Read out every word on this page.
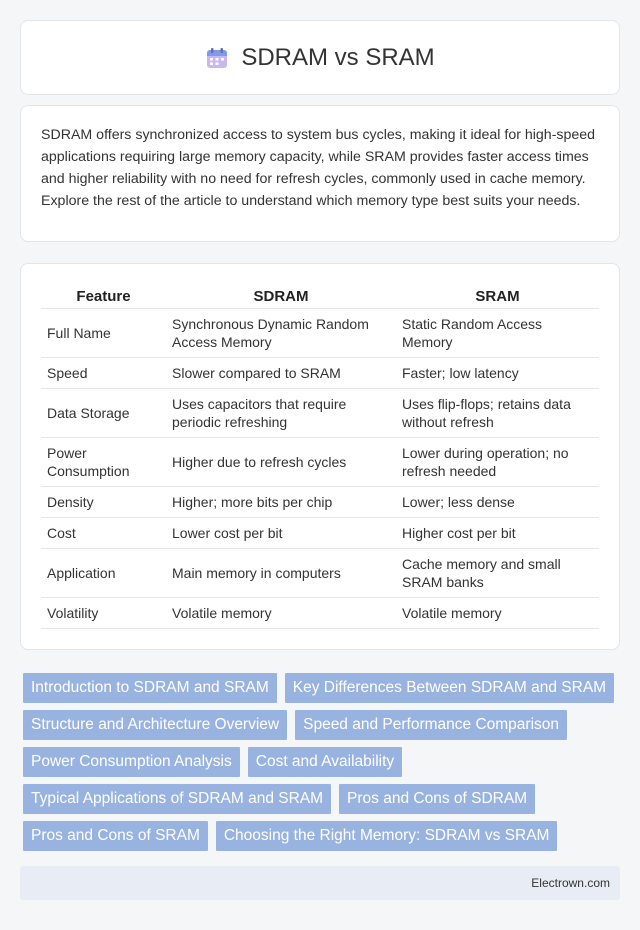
SDRAM vs SRAM

SDRAM offers synchronized access to system bus cycles, making it ideal for high-speed applications requiring large memory capacity, while SRAM provides faster access times and higher reliability with no need for refresh cycles, commonly used in cache memory. Explore the rest of the article to understand which memory type best suits your needs.

Feature	SDRAM	SRAM
Full Name	Synchronous Dynamic Random Access Memory	Static Random Access Memory
Speed	Slower compared to SRAM	Faster; low latency
Data Storage	Uses capacitors that require periodic refreshing	Uses flip-flops; retains data without refresh
Power Consumption	Higher due to refresh cycles	Lower during operation; no refresh needed
Density	Higher; more bits per chip	Lower; less dense
Cost	Lower cost per bit	Higher cost per bit
Application	Main memory in computers	Cache memory and small SRAM banks
Volatility	Volatile memory	Volatile memory
Introduction to SDRAM and SRAM	Key Differences Between SDRAM and SRAM
Structure and Architecture Overview	Speed and Performance Comparison
Power Consumption Analysis	Cost and Availability
Typical Applications of SDRAM and SRAM	Pros and Cons of SDRAM
Pros and Cons of SRAM	Choosing the Right Memory: SDRAM vs SRAM
Electrown.com
